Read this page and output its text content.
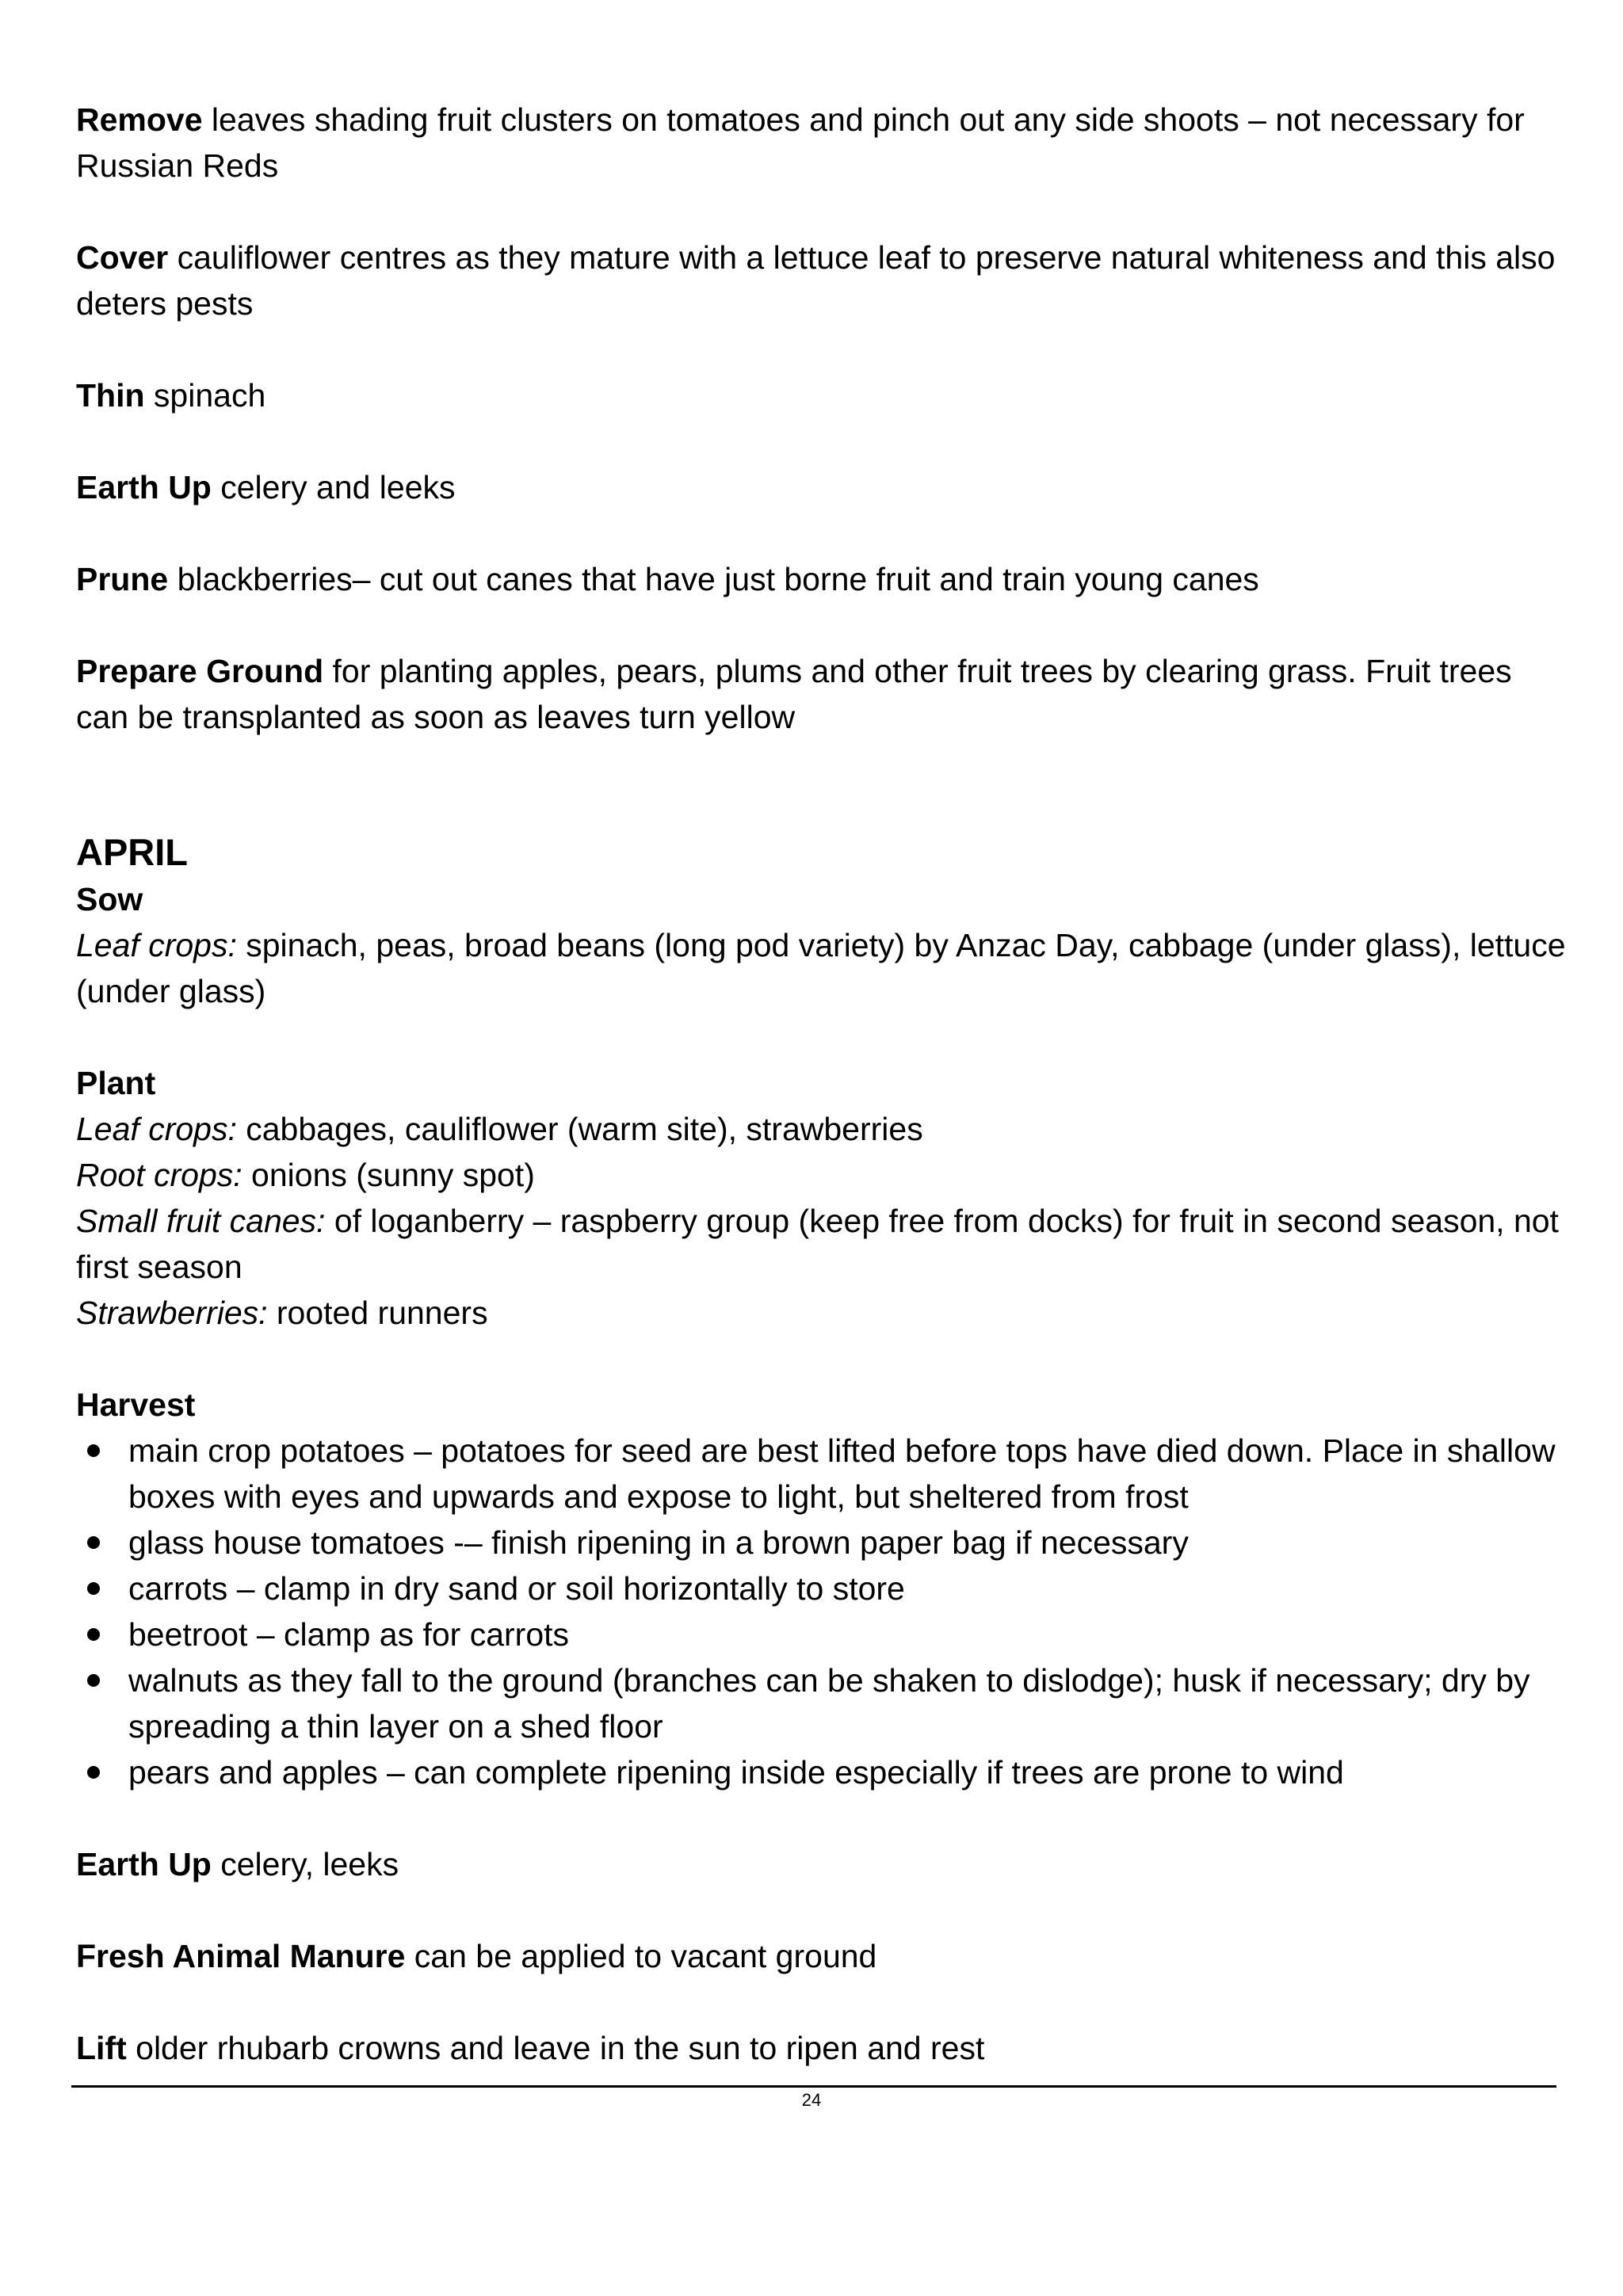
Remove leaves shading fruit clusters on tomatoes and pinch out any side shoots – not necessary for Russian Reds

Cover cauliflower centres as they mature with a lettuce leaf to preserve natural whiteness and this also deters pests

Thin spinach

Earth Up celery and leeks

Prune blackberries– cut out canes that have just borne fruit and train young canes

Prepare Ground for planting apples, pears, plums and other fruit trees by clearing grass. Fruit trees can be transplanted as soon as leaves turn yellow

APRIL

Sow

Leaf crops: spinach, peas, broad beans (long pod variety) by Anzac Day, cabbage (under glass), lettuce (under glass)

Plant

Leaf crops: cabbages, cauliflower (warm site), strawberries

Root crops: onions (sunny spot)

Small fruit canes: of loganberry – raspberry group (keep free from docks) for fruit in second season, not first season

Strawberries: rooted runners

Harvest

main crop potatoes – potatoes for seed are best lifted before tops have died down. Place in shallow boxes with eyes and upwards and expose to light, but sheltered from frost
glass house tomatoes -– finish ripening in a brown paper bag if necessary
carrots – clamp in dry sand or soil horizontally to store
beetroot – clamp as for carrots
walnuts as they fall to the ground (branches can be shaken to dislodge); husk if necessary; dry by spreading a thin layer on a shed floor
pears and apples – can complete ripening inside especially if trees are prone to wind

Earth Up celery, leeks

Fresh Animal Manure can be applied to vacant ground

Lift older rhubarb crowns and leave in the sun to ripen and rest

24
